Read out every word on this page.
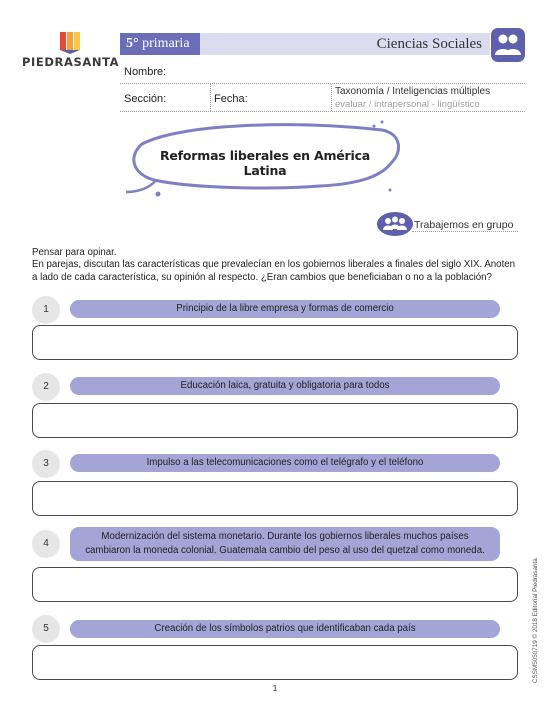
PIEDRASANTA
5° primaria	Ciencias Sociales
Nombre:
Sección:	Fecha:
Taxonomía / Inteligencias múltiples
evaluar / intrapersonal - lingüístico
Reformas liberales en América Latina
Trabajemos en grupo
Pensar para opinar.
En parejas, discutan las características que prevalecían en los gobiernos liberales a finales del siglo XIX. Anoten a lado de cada característica, su opinión al respecto. ¿Eran cambios que beneficiaban o no a la población?
1	Principio de la libre empresa y formas de comercio
2	Educación laica, gratuita y obligatoria para todos
3	Impulso a las telecomunicaciones como el telégrafo y el teléfono
4
Modernización del sistema monetario. Durante los gobiernos liberales muchos países cambiaron la moneda colonial. Guatemala cambio del peso al uso del quetzal como moneda.
5	Creación de los símbolos patrios que identificaban cada país
1
CSSM5050719 © 2018 Editorial Piedrasanta
